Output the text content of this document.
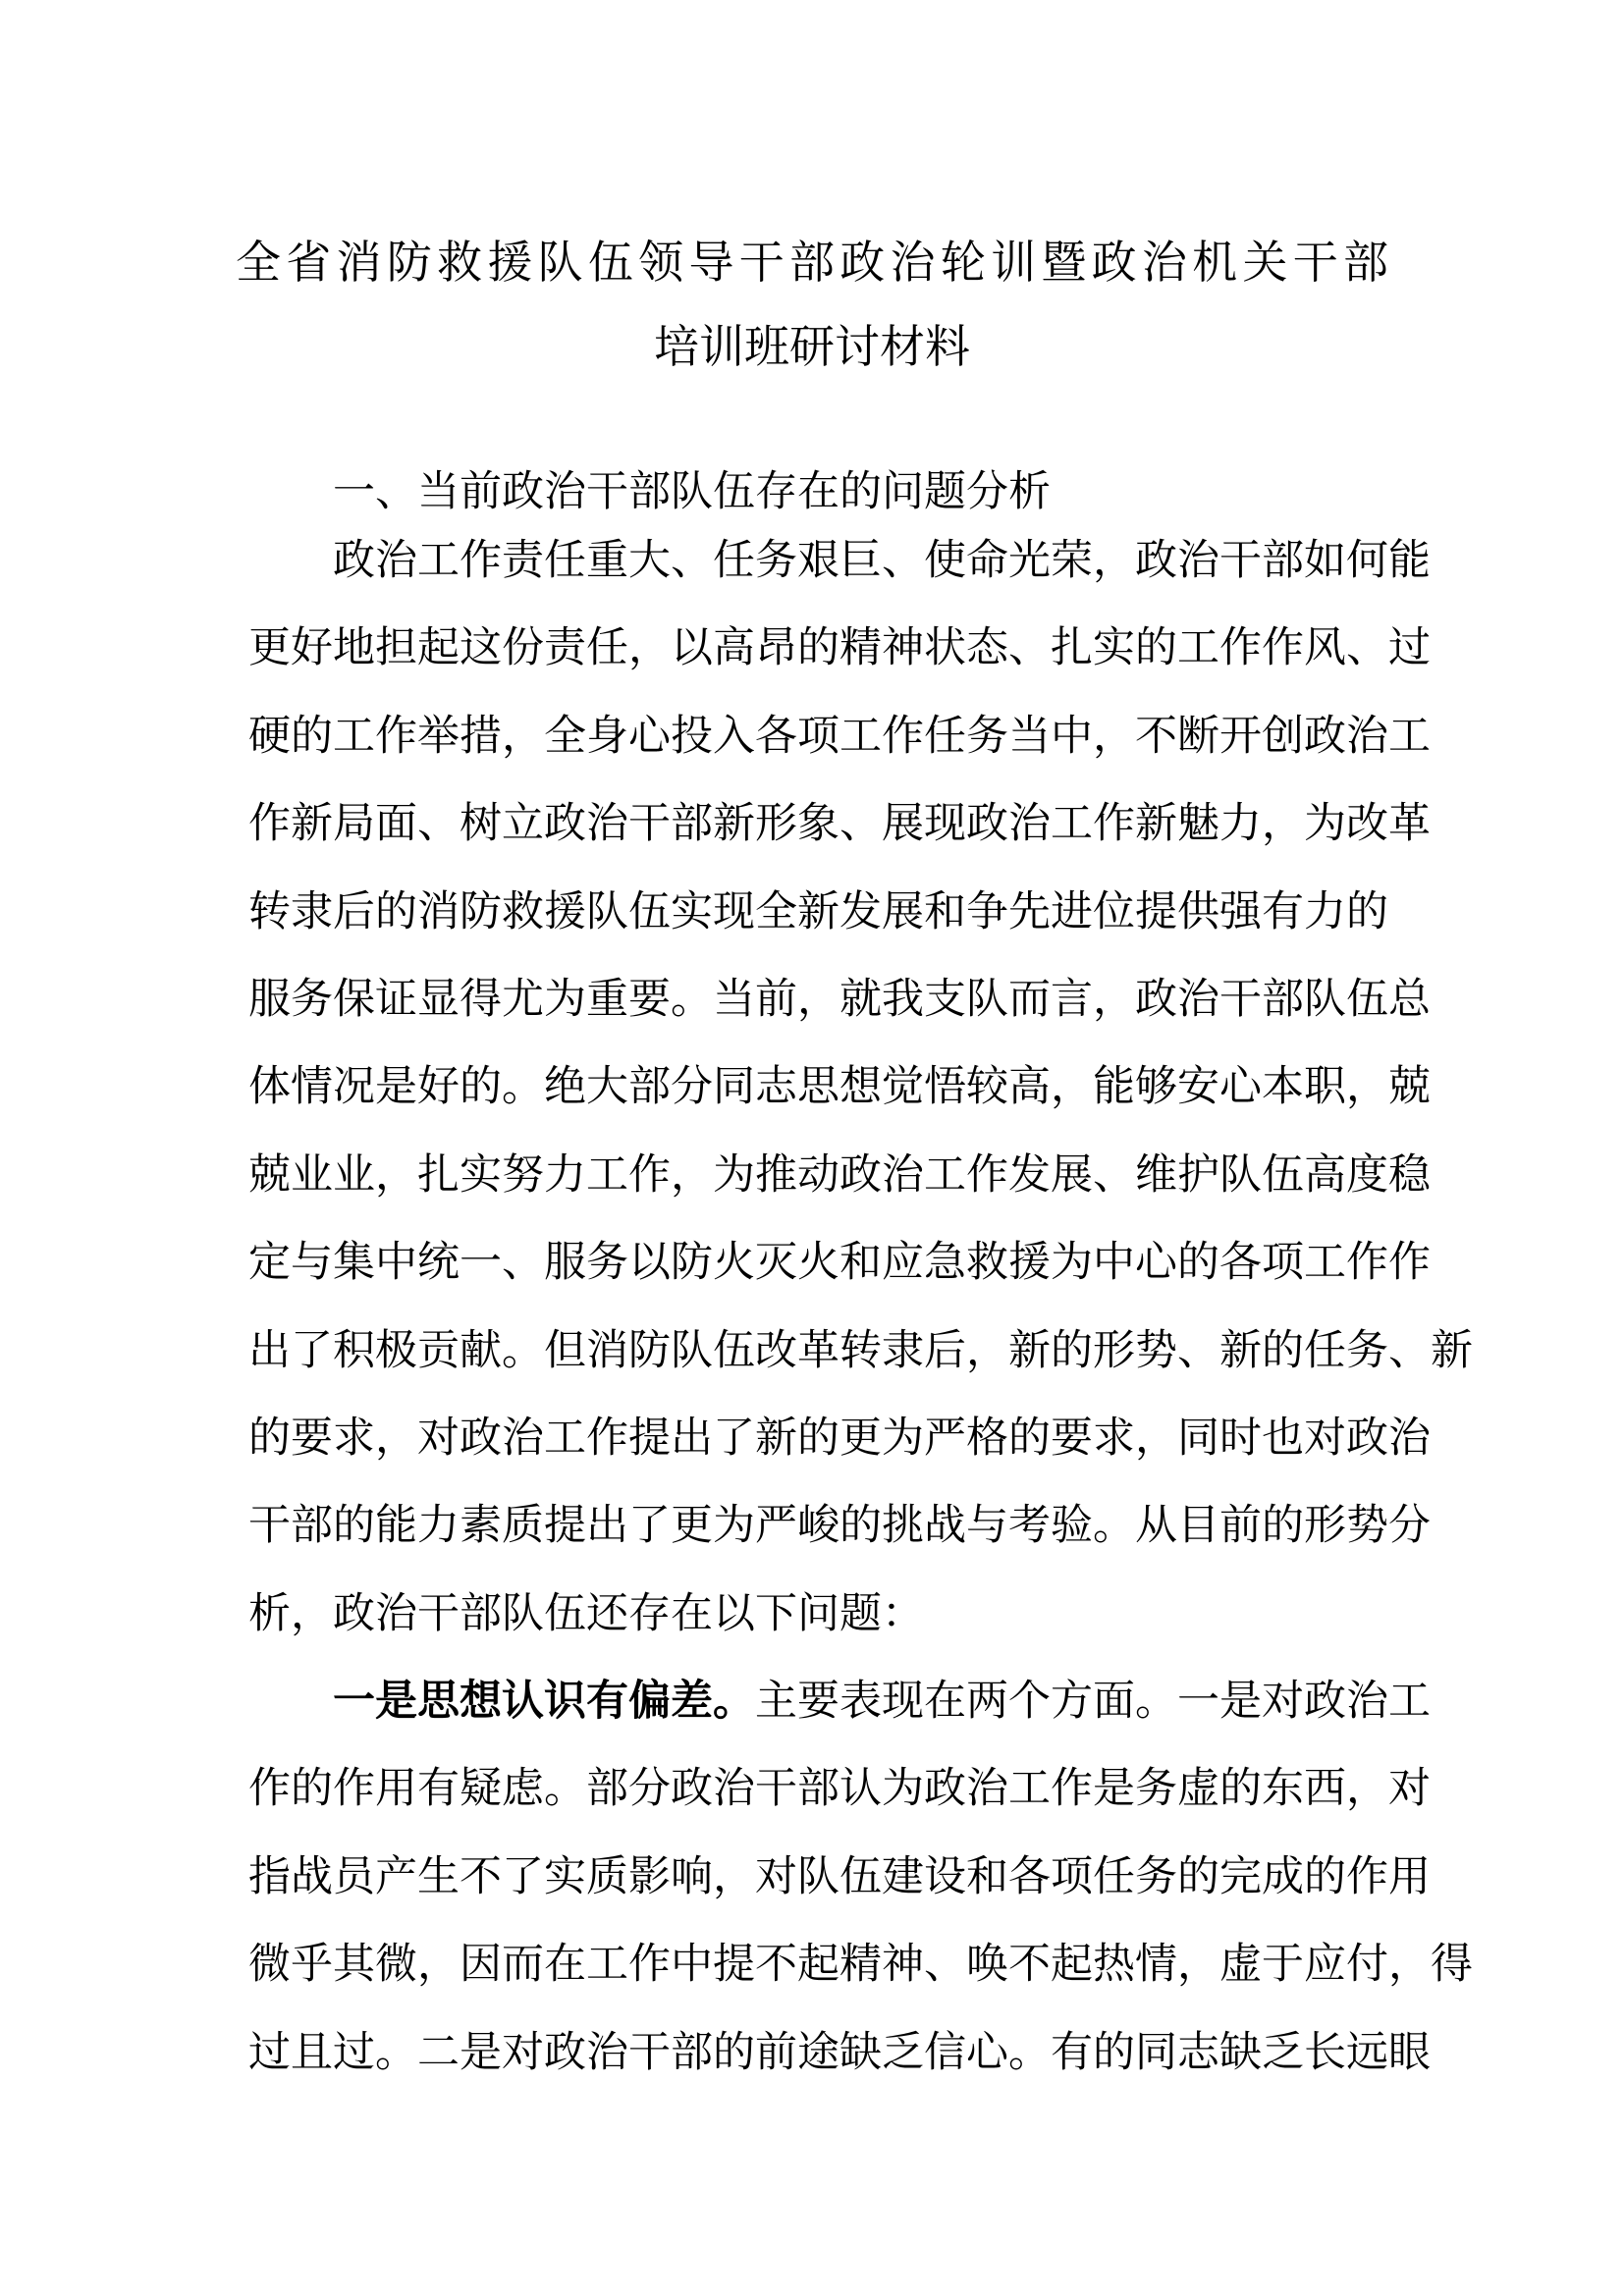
全省消防救援队伍领导干部政治轮训暨政治机关干部
培训班研讨材料
一、当前政治干部队伍存在的问题分析
政治工作责任重大、任务艰巨、使命光荣，政治干部如何能
更好地担起这份责任，以高昂的精神状态、扎实的工作作风、过
硬的工作举措，全身心投入各项工作任务当中，不断开创政治工
作新局面、树立政治干部新形象、展现政治工作新魅力，为改革
转隶后的消防救援队伍实现全新发展和争先进位提供强有力的
服务保证显得尤为重要。当前，就我支队而言，政治干部队伍总
体情况是好的。绝大部分同志思想觉悟较高，能够安心本职，兢
兢业业，扎实努力工作，为推动政治工作发展、维护队伍高度稳
定与集中统一、服务以防火灭火和应急救援为中心的各项工作作
出了积极贡献。但消防队伍改革转隶后，新的形势、新的任务、新
的要求，对政治工作提出了新的更为严格的要求，同时也对政治
干部的能力素质提出了更为严峻的挑战与考验。从目前的形势分
析，政治干部队伍还存在以下问题：
一是思想认识有偏差。主要表现在两个方面。一是对政治工
作的作用有疑虑。部分政治干部认为政治工作是务虚的东西，对
指战员产生不了实质影响，对队伍建设和各项任务的完成的作用
微乎其微，因而在工作中提不起精神、唤不起热情，虚于应付，得
过且过。二是对政治干部的前途缺乏信心。有的同志缺乏长远眼
